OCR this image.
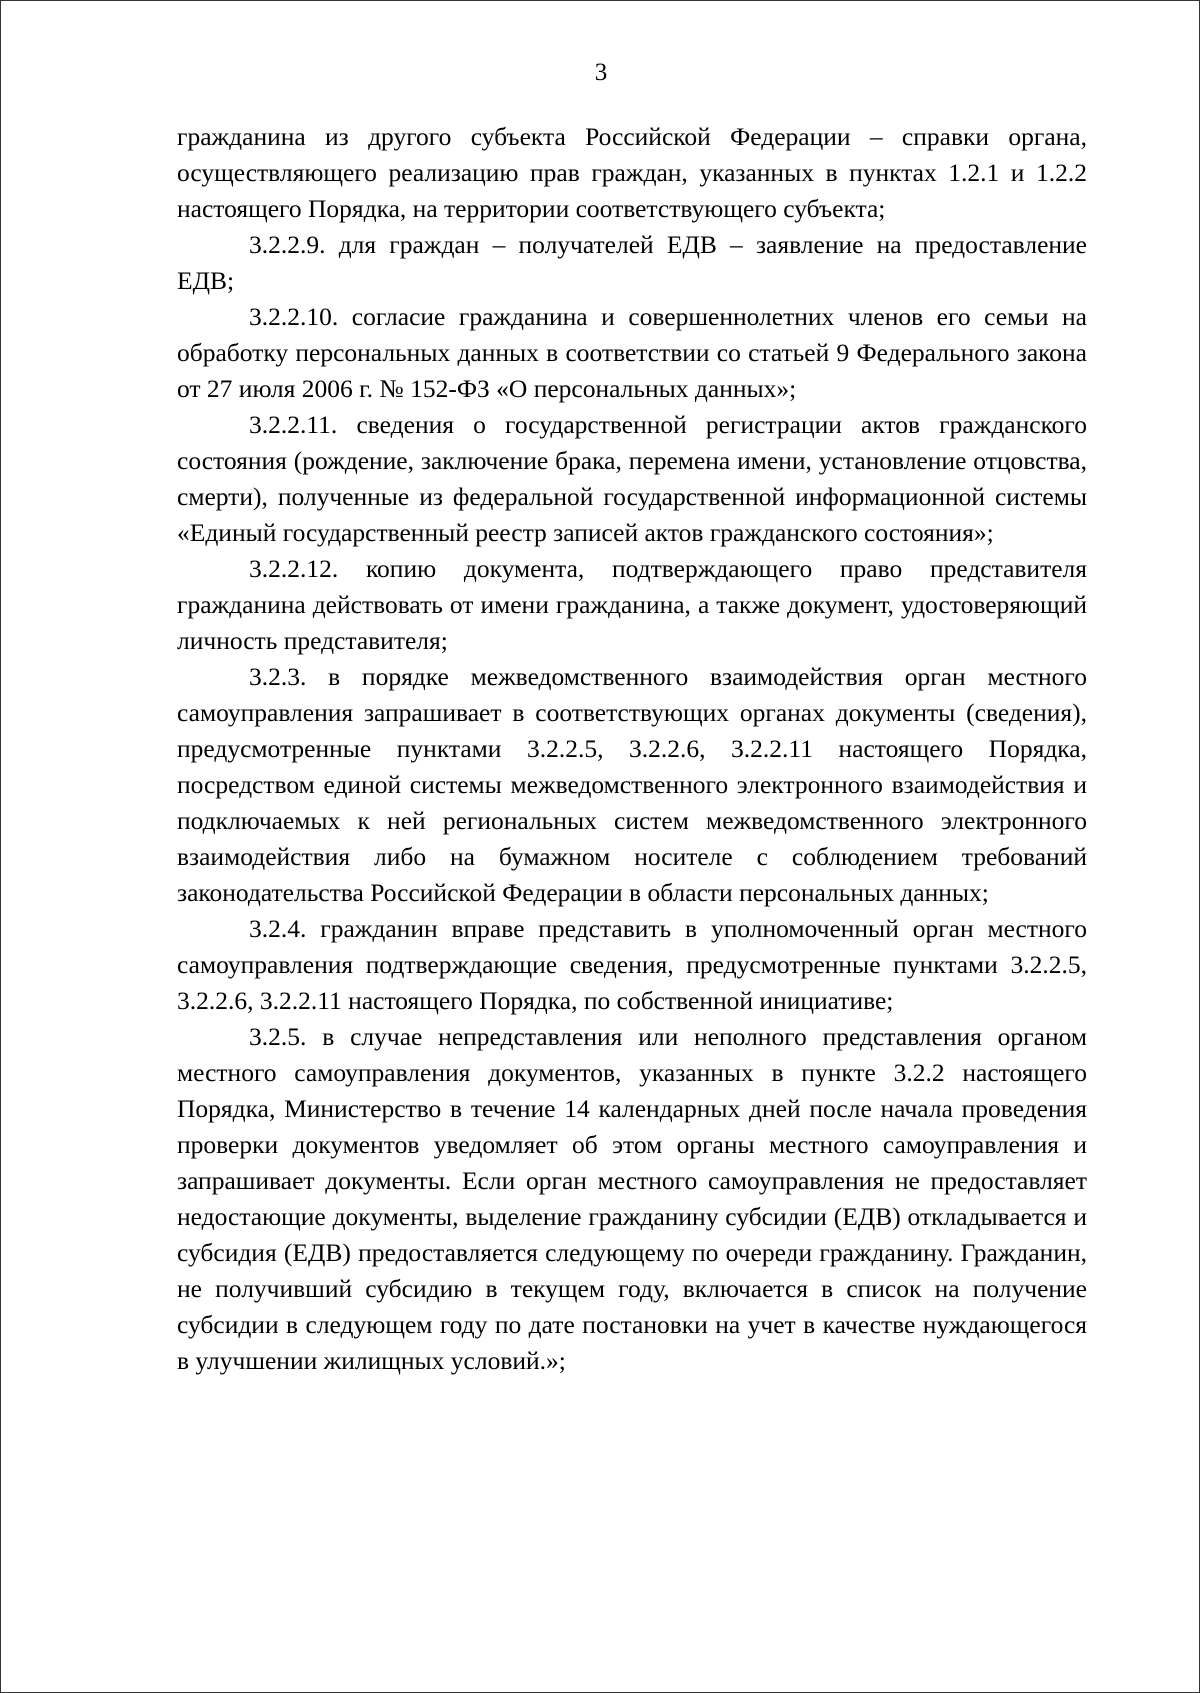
3

гражданина из другого субъекта Российской Федерации – справки органа, осуществляющего реализацию прав граждан, указанных в пунктах 1.2.1 и 1.2.2 настоящего Порядка, на территории соответствующего субъекта;

3.2.2.9. для граждан – получателей ЕДВ – заявление на предоставление ЕДВ;

3.2.2.10. согласие гражданина и совершеннолетних членов его семьи на обработку персональных данных в соответствии со статьей 9 Федерального закона от 27 июля 2006 г. № 152-ФЗ «О персональных данных»;

3.2.2.11. сведения о государственной регистрации актов гражданского состояния (рождение, заключение брака, перемена имени, установление отцовства, смерти), полученные из федеральной государственной информационной системы «Единый государственный реестр записей актов гражданского состояния»;

3.2.2.12. копию документа, подтверждающего право представителя гражданина действовать от имени гражданина, а также документ, удостоверяющий личность представителя;

3.2.3. в порядке межведомственного взаимодействия орган местного самоуправления запрашивает в соответствующих органах документы (сведения), предусмотренные пунктами 3.2.2.5, 3.2.2.6, 3.2.2.11 настоящего Порядка, посредством единой системы межведомственного электронного взаимодействия и подключаемых к ней региональных систем межведомственного электронного взаимодействия либо на бумажном носителе с соблюдением требований законодательства Российской Федерации в области персональных данных;

3.2.4. гражданин вправе представить в уполномоченный орган местного самоуправления подтверждающие сведения, предусмотренные пунктами 3.2.2.5, 3.2.2.6, 3.2.2.11 настоящего Порядка, по собственной инициативе;

3.2.5. в случае непредставления или неполного представления органом местного самоуправления документов, указанных в пункте 3.2.2 настоящего Порядка, Министерство в течение 14 календарных дней после начала проведения проверки документов уведомляет об этом органы местного самоуправления и запрашивает документы. Если орган местного самоуправления не предоставляет недостающие документы, выделение гражданину субсидии (ЕДВ) откладывается и субсидия (ЕДВ) предоставляется следующему по очереди гражданину. Гражданин, не получивший субсидию в текущем году, включается в список на получение субсидии в следующем году по дате постановки на учет в качестве нуждающегося в улучшении жилищных условий.»;
